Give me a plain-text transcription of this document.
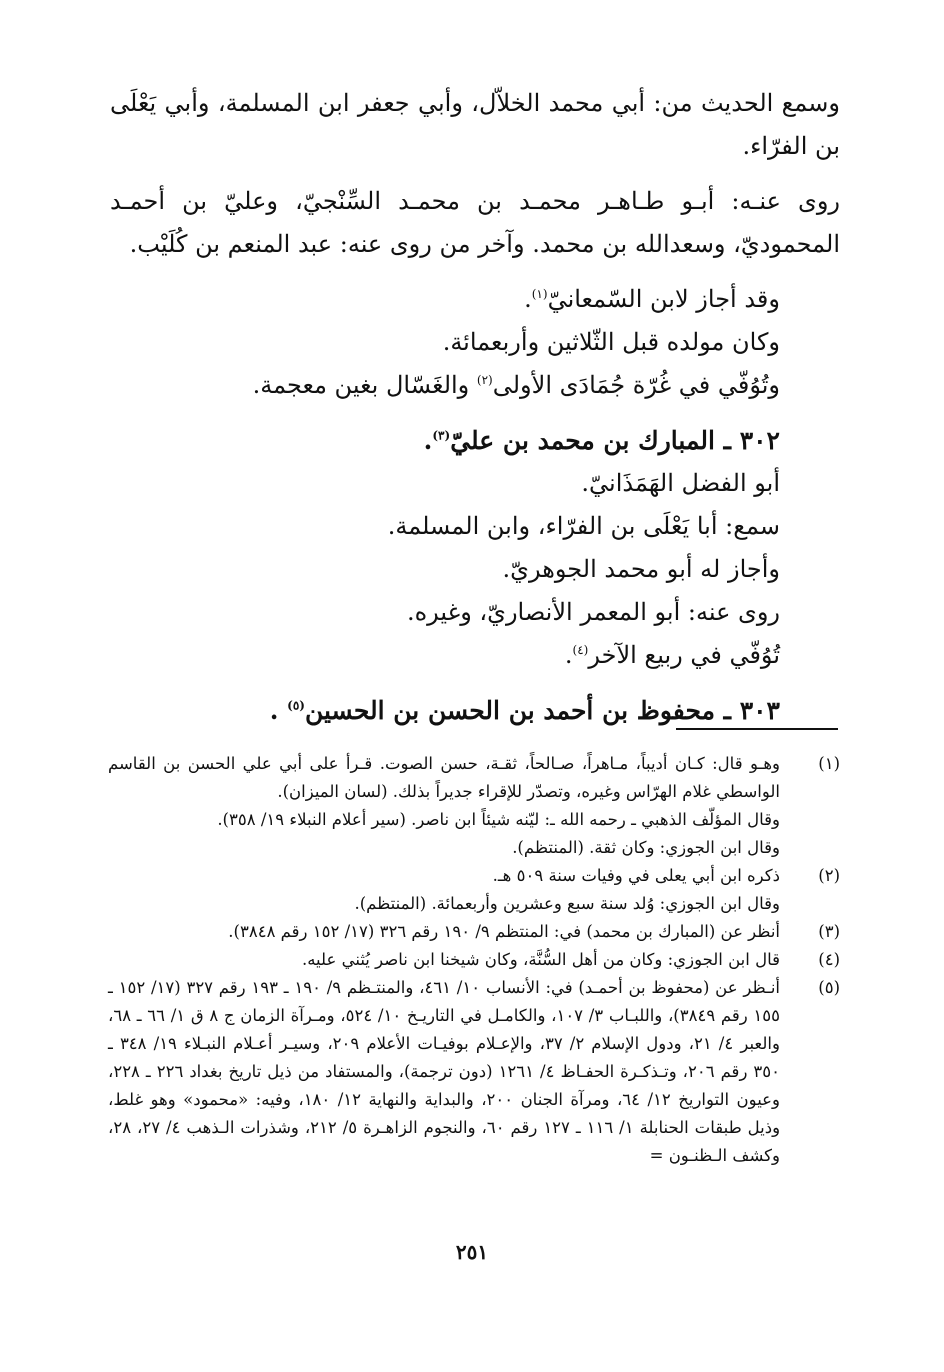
وسمع الحديث من: أبي محمد الخلاّل، وأبي جعفر ابن المسلمة، وأبي يَعْلَى بن الفرّاء.

روى عنـه: أبـو طـاهـر محمـد بن محمـد السِّنْجيّ، وعليّ بن أحمـد المحموديّ، وسعدالله بن محمد. وآخر من روى عنه: عبد المنعم بن كُلَيْب.

وقد أجاز لابن السّمعانيّ$^{(١)}$.

وكان مولده قبل الثّلاثين وأربعمائة.

وتُوُفّي في غُرّة جُمَادَى الأولى$^{(٢)}$ والغَسّال بغين معجمة.

٣٠٢ ـ المبارك بن محمد بن عليّ$^{(٣)}$.

أبو الفضل الهَمَذَانيّ.

سمع: أبا يَعْلَى بن الفرّاء، وابن المسلمة.

وأجاز له أبو محمد الجوهريّ.

روى عنه: أبو المعمر الأنصاريّ، وغيره.

تُوُفّي في ربيع الآخر$^{(٤)}$.

٣٠٣ ـ محفوظ بن أحمد بن الحسن بن الحسين$^{(٥)}$ .

(١)
وهـو قال: كـان أديباً، مـاهراً، صـالحاً، ثقـة، حسن الصوت. قـرأ على أبي علي الحسن بن القاسم الواسطي غلام الهرّاس وغيره، وتصدّر للإقراء جديراً بذلك. (لسان الميزان).
وقال المؤلّف الذهبي ـ رحمه الله ـ: ليّنه شيئاً ابن ناصر. (سير أعلام النبلاء ١٩/ ٣٥٨).
وقال ابن الجوزي: وكان ثقة. (المنتظم).
(٢)
ذكره ابن أبي يعلى في وفيات سنة ٥٠٩ هـ.
وقال ابن الجوزي: وُلد سنة سبع وعشرين وأربعمائة. (المنتظم).
(٣)
أنظر عن (المبارك بن محمد) في: المنتظم ٩/ ١٩٠ رقم ٣٢٦ (١٧/ ١٥٢ رقم ٣٨٤٨).
(٤)
قال ابن الجوزي: وكان من أهل السُّنَّة، وكان شيخنا ابن ناصر يُثني عليه.
(٥)
أنـظر عن (محفوظ بن أحمـد) في: الأنساب ١٠/ ٤٦١، والمنتـظم ٩/ ١٩٠ ـ ١٩٣ رقم ٣٢٧ (١٧/ ١٥٢ ـ ١٥٥ رقم ٣٨٤٩)، واللبـاب ٣/ ١٠٧، والكامـل في التاريـخ ١٠/ ٥٢٤، ومـرآة الزمان ج ٨ ق ١/ ٦٦ ـ ٦٨، والعبر ٤/ ٢١، ودول الإسلام ٢/ ٣٧، والإعـلام بوفيـات الأعلام ٢٠٩، وسيـر أعـلام النبـلاء ١٩/ ٣٤٨ ـ ٣٥٠ رقم ٢٠٦، وتـذكـرة الحفـاظ ٤/ ١٢٦١ (دون ترجمة)، والمستفاد من ذيل تاريخ بغداد ٢٢٦ ـ ٢٢٨، وعيون التواريخ ١٢/ ٦٤، ومرآة الجنان ٢٠٠، والبداية والنهاية ١٢/ ١٨٠، وفيه: «محمود» وهو غلط، وذيل طبقات الحنابلة ١/ ١١٦ ـ ١٢٧ رقم ٦٠، والنجوم الزاهـرة ٥/ ٢١٢، وشذرات الـذهب ٤/ ٢٧، ٢٨، وكشف الـظنـون =
٢٥١
